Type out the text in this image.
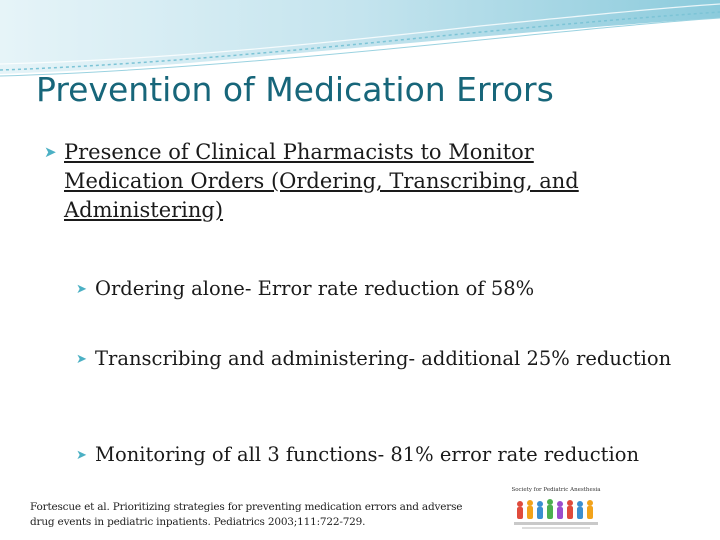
Prevention of Medication Errors
➤ Presence of Clinical Pharmacists to Monitor Medication Orders (Ordering, Transcribing, and Administering)
➤ Ordering alone- Error rate reduction of 58%
➤ Transcribing and administering- additional 25% reduction
➤ Monitoring of all 3 functions- 81% error rate reduction
Fortescue et al. Prioritizing strategies for preventing medication errors and adverse drug events in pediatric inpatients. Pediatrics 2003;111:722-729.
Society for Pediatric Anesthesia
